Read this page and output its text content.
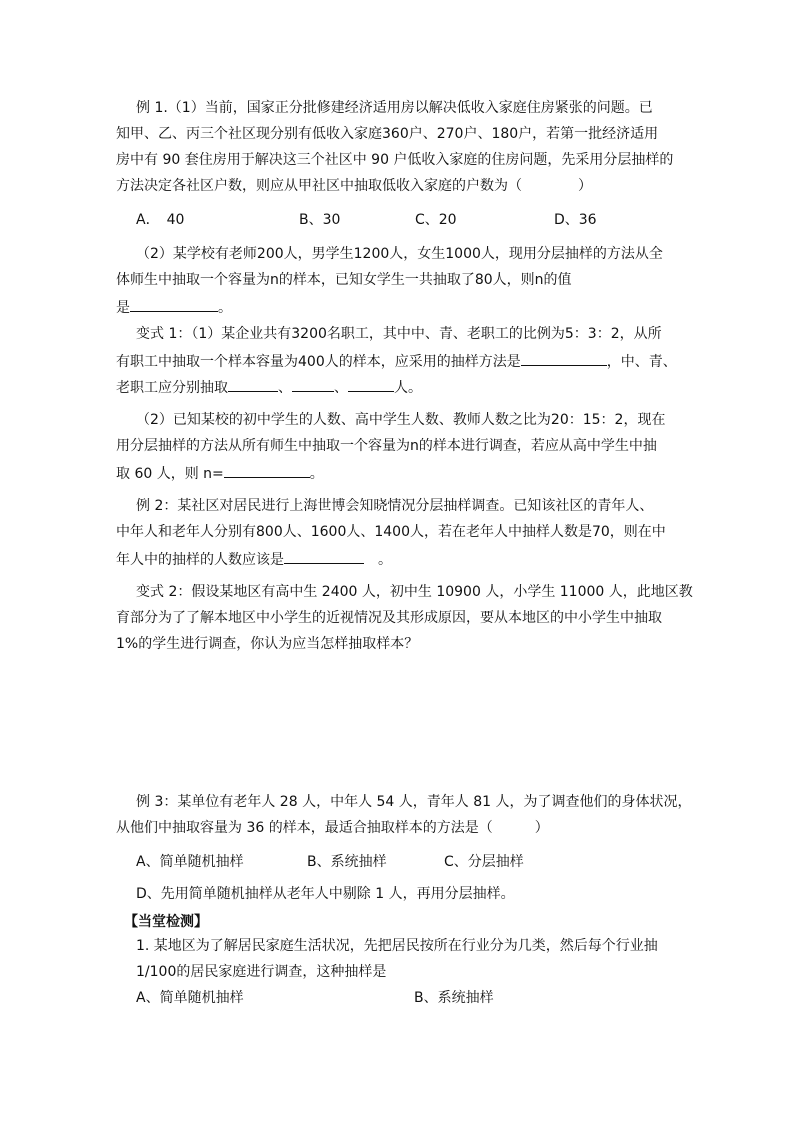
例 1.（1）当前，国家正分批修建经济适用房以解决低收入家庭住房紧张的问题。已
知甲、乙、丙三个社区现分别有低收入家庭360户、270户、180户，若第一批经济适用
房中有 90 套住房用于解决这三个社区中 90 户低收入家庭的住房问题，先采用分层抽样的
方法决定各社区户数，则应从甲社区中抽取低收入家庭的户数为（　　　　）
A．　40	B、30	C、20	D、36
（2）某学校有老师200人，男学生1200人，女生1000人，现用分层抽样的方法从全
体师生中抽取一个容量为n的样本，已知女学生一共抽取了80人，则n的值
是	。
变式 1：（1）某企业共有3200名职工，其中中、青、老职工的比例为5：3：2，从所
有职工中抽取一个样本容量为400人的样本，应采用的抽样方法是	，中、青、
老职工应分别抽取	、	、	人。
（2）已知某校的初中学生的人数、高中学生人数、教师人数之比为20：15：2，现在
用分层抽样的方法从所有师生中抽取一个容量为n的样本进行调查，若应从高中学生中抽
取 60 人，则 n=	。
例 2：某社区对居民进行上海世博会知晓情况分层抽样调查。已知该社区的青年人、
中年人和老年人分别有800人、1600人、1400人，若在老年人中抽样人数是70，则在中
年人中的抽样的人数应该是	　。
变式 2：假设某地区有高中生 2400 人，初中生 10900 人，小学生 11000 人，此地区教
育部分为了了解本地区中小学生的近视情况及其形成原因，要从本地区的中小学生中抽取
1%的学生进行调查，你认为应当怎样抽取样本？
例 3：某单位有老年人 28 人，中年人 54 人，青年人 81 人，为了调查他们的身体状况，
从他们中抽取容量为 36 的样本，最适合抽取样本的方法是（　　　）
A、简单随机抽样	B、系统抽样	C、分层抽样
D、先用简单随机抽样从老年人中剔除 1 人，再用分层抽样。
【当堂检测】
1. 某地区为了解居民家庭生活状况，先把居民按所在行业分为几类，然后每个行业抽
1/100的居民家庭进行调查，这种抽样是
A、简单随机抽样	B、系统抽样
